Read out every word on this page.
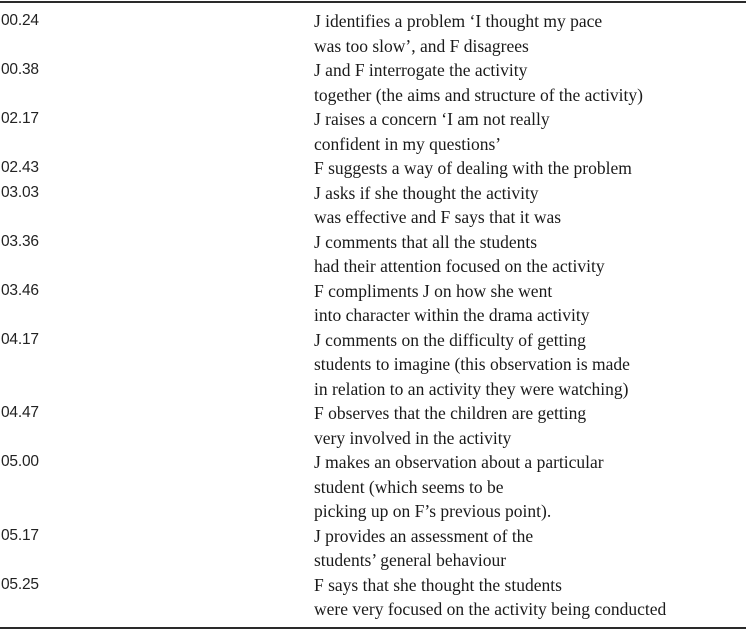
00.24	J identifies a problem ‘I thought my pace
was too slow’, and F disagrees
00.38	J and F interrogate the activity
together (the aims and structure of the activity)
02.17	J raises a concern ‘I am not really
confident in my questions’
02.43	F suggests a way of dealing with the problem
03.03	J asks if she thought the activity
was effective and F says that it was
03.36	J comments that all the students
had their attention focused on the activity
03.46	F compliments J on how she went
into character within the drama activity
04.17	J comments on the difficulty of getting
students to imagine (this observation is made
in relation to an activity they were watching)
04.47	F observes that the children are getting
very involved in the activity
05.00	J makes an observation about a particular
student (which seems to be
picking up on F’s previous point).
05.17	J provides an assessment of the
students’ general behaviour
05.25	F says that she thought the students
were very focused on the activity being conducted
